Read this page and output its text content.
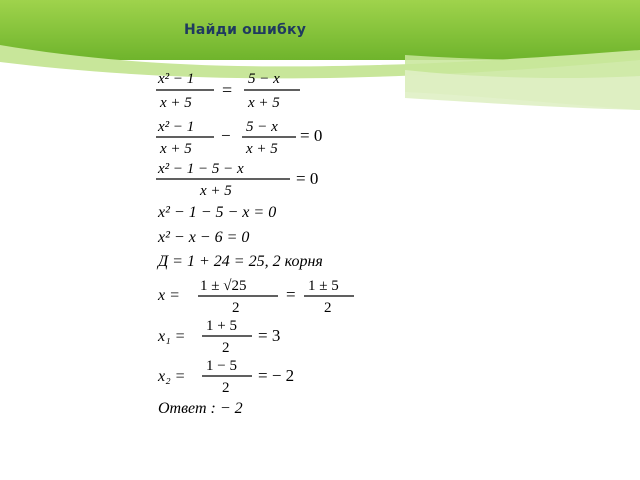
Найди ошибку
x² − 1
x + 5
=
5 − x
x + 5
x² − 1
x + 5
− 5 − x
x + 5
= 0
x² − 1 − 5 − x
x + 5
= 0
x² − 1 − 5 − x = 0
x² − x − 6 = 0
Д = 1 + 24 = 25, 2 корня
x =
1 ± √25
2
= 1 ± 5
2
x₁ =
1 + 5
2
= 3
x₂ =
1 − 5
2
= − 2
Ответ : − 2
